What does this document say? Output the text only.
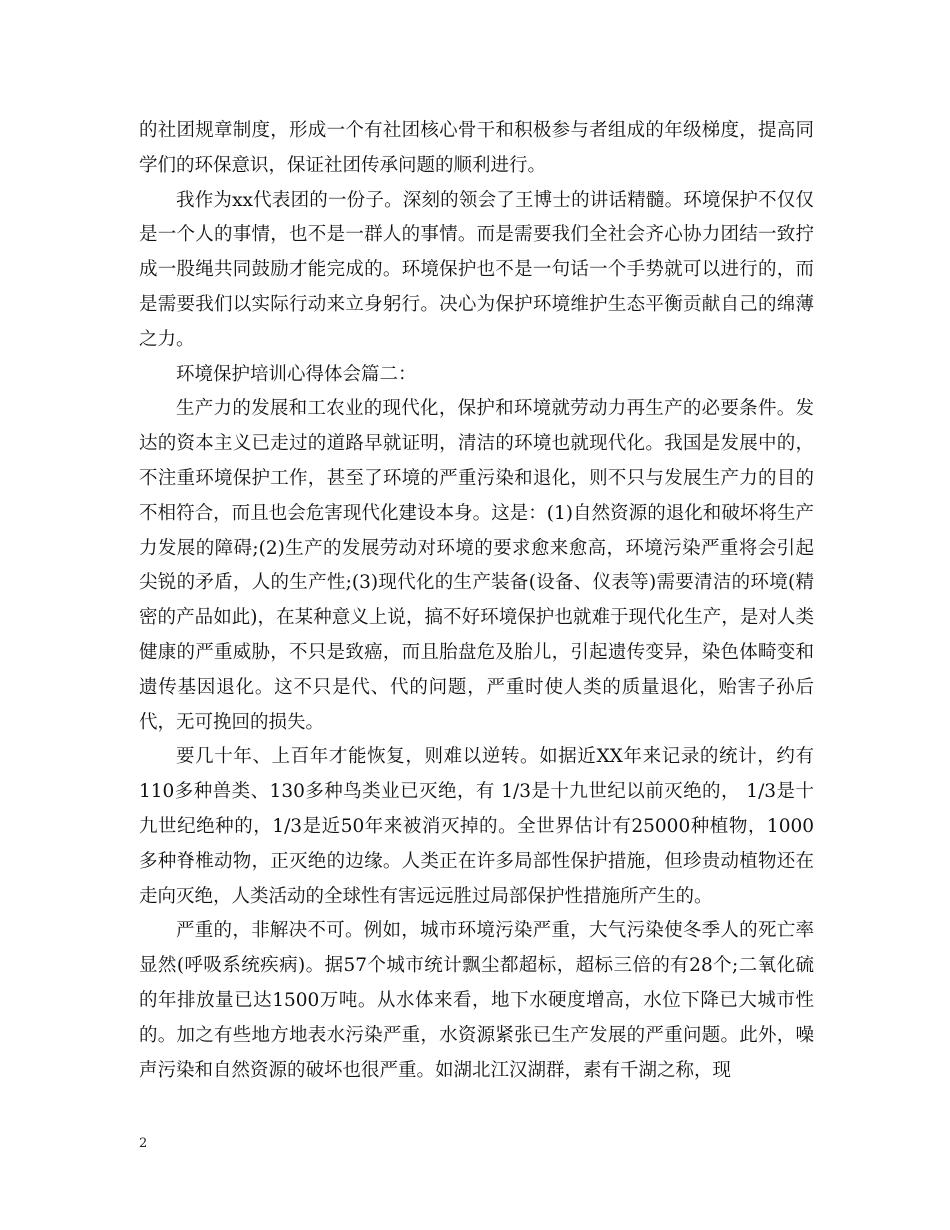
的社团规章制度，形成一个有社团核心骨干和积极参与者组成的年级梯度，提高同学们的环保意识，保证社团传承问题的顺利进行。

我作为xx代表团的一份子。深刻的领会了王博士的讲话精髓。环境保护不仅仅是一个人的事情，也不是一群人的事情。而是需要我们全社会齐心协力团结一致拧成一股绳共同鼓励才能完成的。环境保护也不是一句话一个手势就可以进行的，而是需要我们以实际行动来立身躬行。决心为保护环境维护生态平衡贡献自己的绵薄之力。

环境保护培训心得体会篇二：

生产力的发展和工农业的现代化，保护和环境就劳动力再生产的必要条件。发达的资本主义已走过的道路早就证明，清洁的环境也就现代化。我国是发展中的，不注重环境保护工作，甚至了环境的严重污染和退化，则不只与发展生产力的目的不相符合，而且也会危害现代化建设本身。这是：(1)自然资源的退化和破坏将生产力发展的障碍;(2)生产的发展劳动对环境的要求愈来愈高，环境污染严重将会引起尖锐的矛盾，人的生产性;(3)现代化的生产装备(设备、仪表等)需要清洁的环境(精密的产品如此)，在某种意义上说，搞不好环境保护也就难于现代化生产，是对人类健康的严重威胁，不只是致癌，而且胎盘危及胎儿，引起遗传变异，染色体畸变和遗传基因退化。这不只是代、代的问题，严重时使人类的质量退化，贻害子孙后代，无可挽回的损失。

要几十年、上百年才能恢复，则难以逆转。如据近XX年来记录的统计，约有110多种兽类、130多种鸟类业已灭绝，有 1/3是十九世纪以前灭绝的， 1/3是十九世纪绝种的，1/3是近50年来被消灭掉的。全世界估计有25000种植物，1000多种脊椎动物，正灭绝的边缘。人类正在许多局部性保护措施，但珍贵动植物还在走向灭绝，人类活动的全球性有害远远胜过局部保护性措施所产生的。

严重的，非解决不可。例如，城市环境污染严重，大气污染使冬季人的死亡率显然(呼吸系统疾病)。据57个城市统计飘尘都超标，超标三倍的有28个;二氧化硫的年排放量已达1500万吨。从水体来看，地下水硬度增高，水位下降已大城市性的。加之有些地方地表水污染严重，水资源紧张已生产发展的严重问题。此外，噪声污染和自然资源的破坏也很严重。如湖北江汉湖群，素有千湖之称，现

2
